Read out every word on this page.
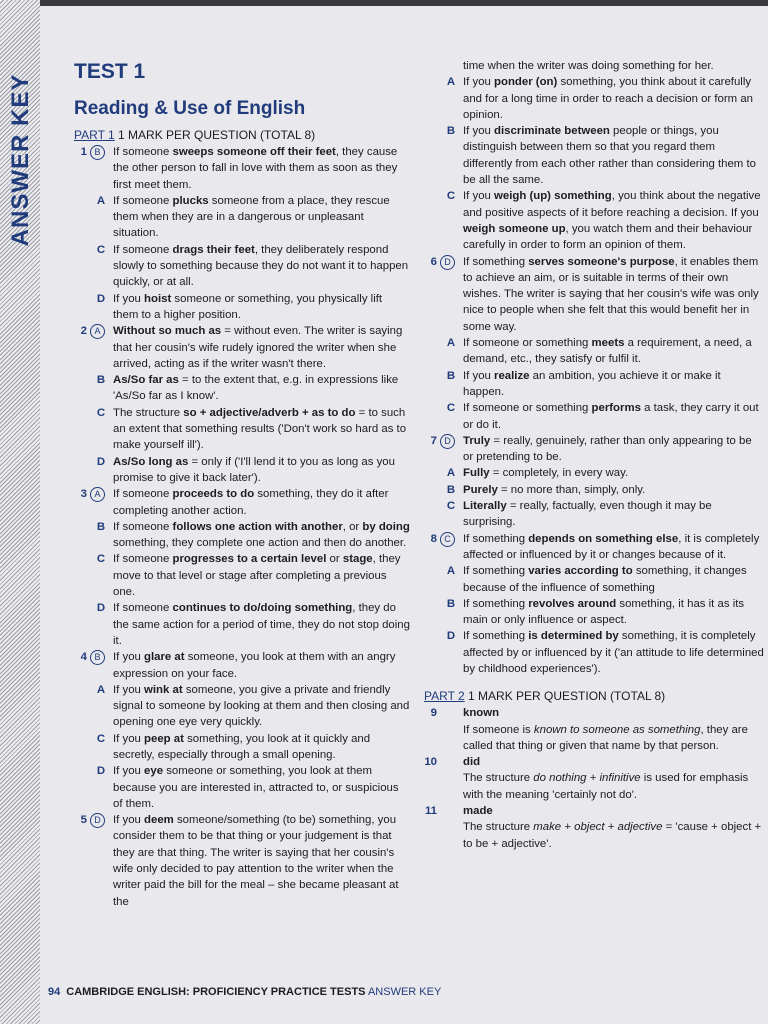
ANSWER KEY
TEST 1
Reading & Use of English
PART 1 1 MARK PER QUESTION (TOTAL 8)
1 B	If someone sweeps someone off their feet, they cause the other person to fall in love with them as soon as they first meet them.
A If someone plucks someone from a place, they rescue them when they are in a dangerous or unpleasant situation.
C If someone drags their feet, they deliberately respond slowly to something because they do not want it to happen quickly, or at all.
D If you hoist someone or something, you physically lift them to a higher position.
2 A	Without so much as = without even. The writer is saying that her cousin's wife rudely ignored the writer when she arrived, acting as if the writer wasn't there.
B As/So far as = to the extent that, e.g. in expressions like 'As/So far as I know'.
C The structure so + adjective/adverb + as to do = to such an extent that something results ('Don't work so hard as to make yourself ill').
D As/So long as = only if ('I'll lend it to you as long as you promise to give it back later').
3 A	If someone proceeds to do something, they do it after completing another action.
B If someone follows one action with another, or by doing something, they complete one action and then do another.
C If someone progresses to a certain level or stage, they move to that level or stage after completing a previous one.
D If someone continues to do/doing something, they do the same action for a period of time, they do not stop doing it.
4 B	If you glare at someone, you look at them with an angry expression on your face.
A If you wink at someone, you give a private and friendly signal to someone by looking at them and then closing and opening one eye very quickly.
C If you peep at something, you look at it quickly and secretly, especially through a small opening.
D If you eye someone or something, you look at them because you are interested in, attracted to, or suspicious of them.
5 D	If you deem someone/something (to be) something, you consider them to be that thing or your judgement is that they are that thing. The writer is saying that her cousin's wife only decided to pay attention to the writer when the writer paid the bill for the meal – she became pleasant at the
time when the writer was doing something for her.
A If you ponder (on) something, you think about it carefully and for a long time in order to reach a decision or form an opinion.
B If you discriminate between people or things, you distinguish between them so that you regard them differently from each other rather than considering them to be all the same.
C If you weigh (up) something, you think about the negative and positive aspects of it before reaching a decision. If you weigh someone up, you watch them and their behaviour carefully in order to form an opinion of them.
6 D	If something serves someone's purpose, it enables them to achieve an aim, or is suitable in terms of their own wishes. The writer is saying that her cousin's wife was only nice to people when she felt that this would benefit her in some way.
A If someone or something meets a requirement, a need, a demand, etc., they satisfy or fulfil it.
B If you realize an ambition, you achieve it or make it happen.
C If someone or something performs a task, they carry it out or do it.
7 D	Truly = really, genuinely, rather than only appearing to be or pretending to be.
A Fully = completely, in every way.
B Purely = no more than, simply, only.
C Literally = really, factually, even though it may be surprising.
8 C	If something depends on something else, it is completely affected or influenced by it or changes because of it.
A If something varies according to something, it changes because of the influence of something
B If something revolves around something, it has it as its main or only influence or aspect.
D If something is determined by something, it is completely affected by or influenced by it ('an attitude to life determined by childhood experiences').
PART 2 1 MARK PER QUESTION (TOTAL 8)
9 known
If someone is known to someone as something, they are called that thing or given that name by that person.
10 did
The structure do nothing + infinitive is used for emphasis with the meaning 'certainly not do'.
11 made
The structure make + object + adjective = 'cause + object + to be + adjective'.
94 CAMBRIDGE ENGLISH: PROFICIENCY PRACTICE TESTS ANSWER KEY
